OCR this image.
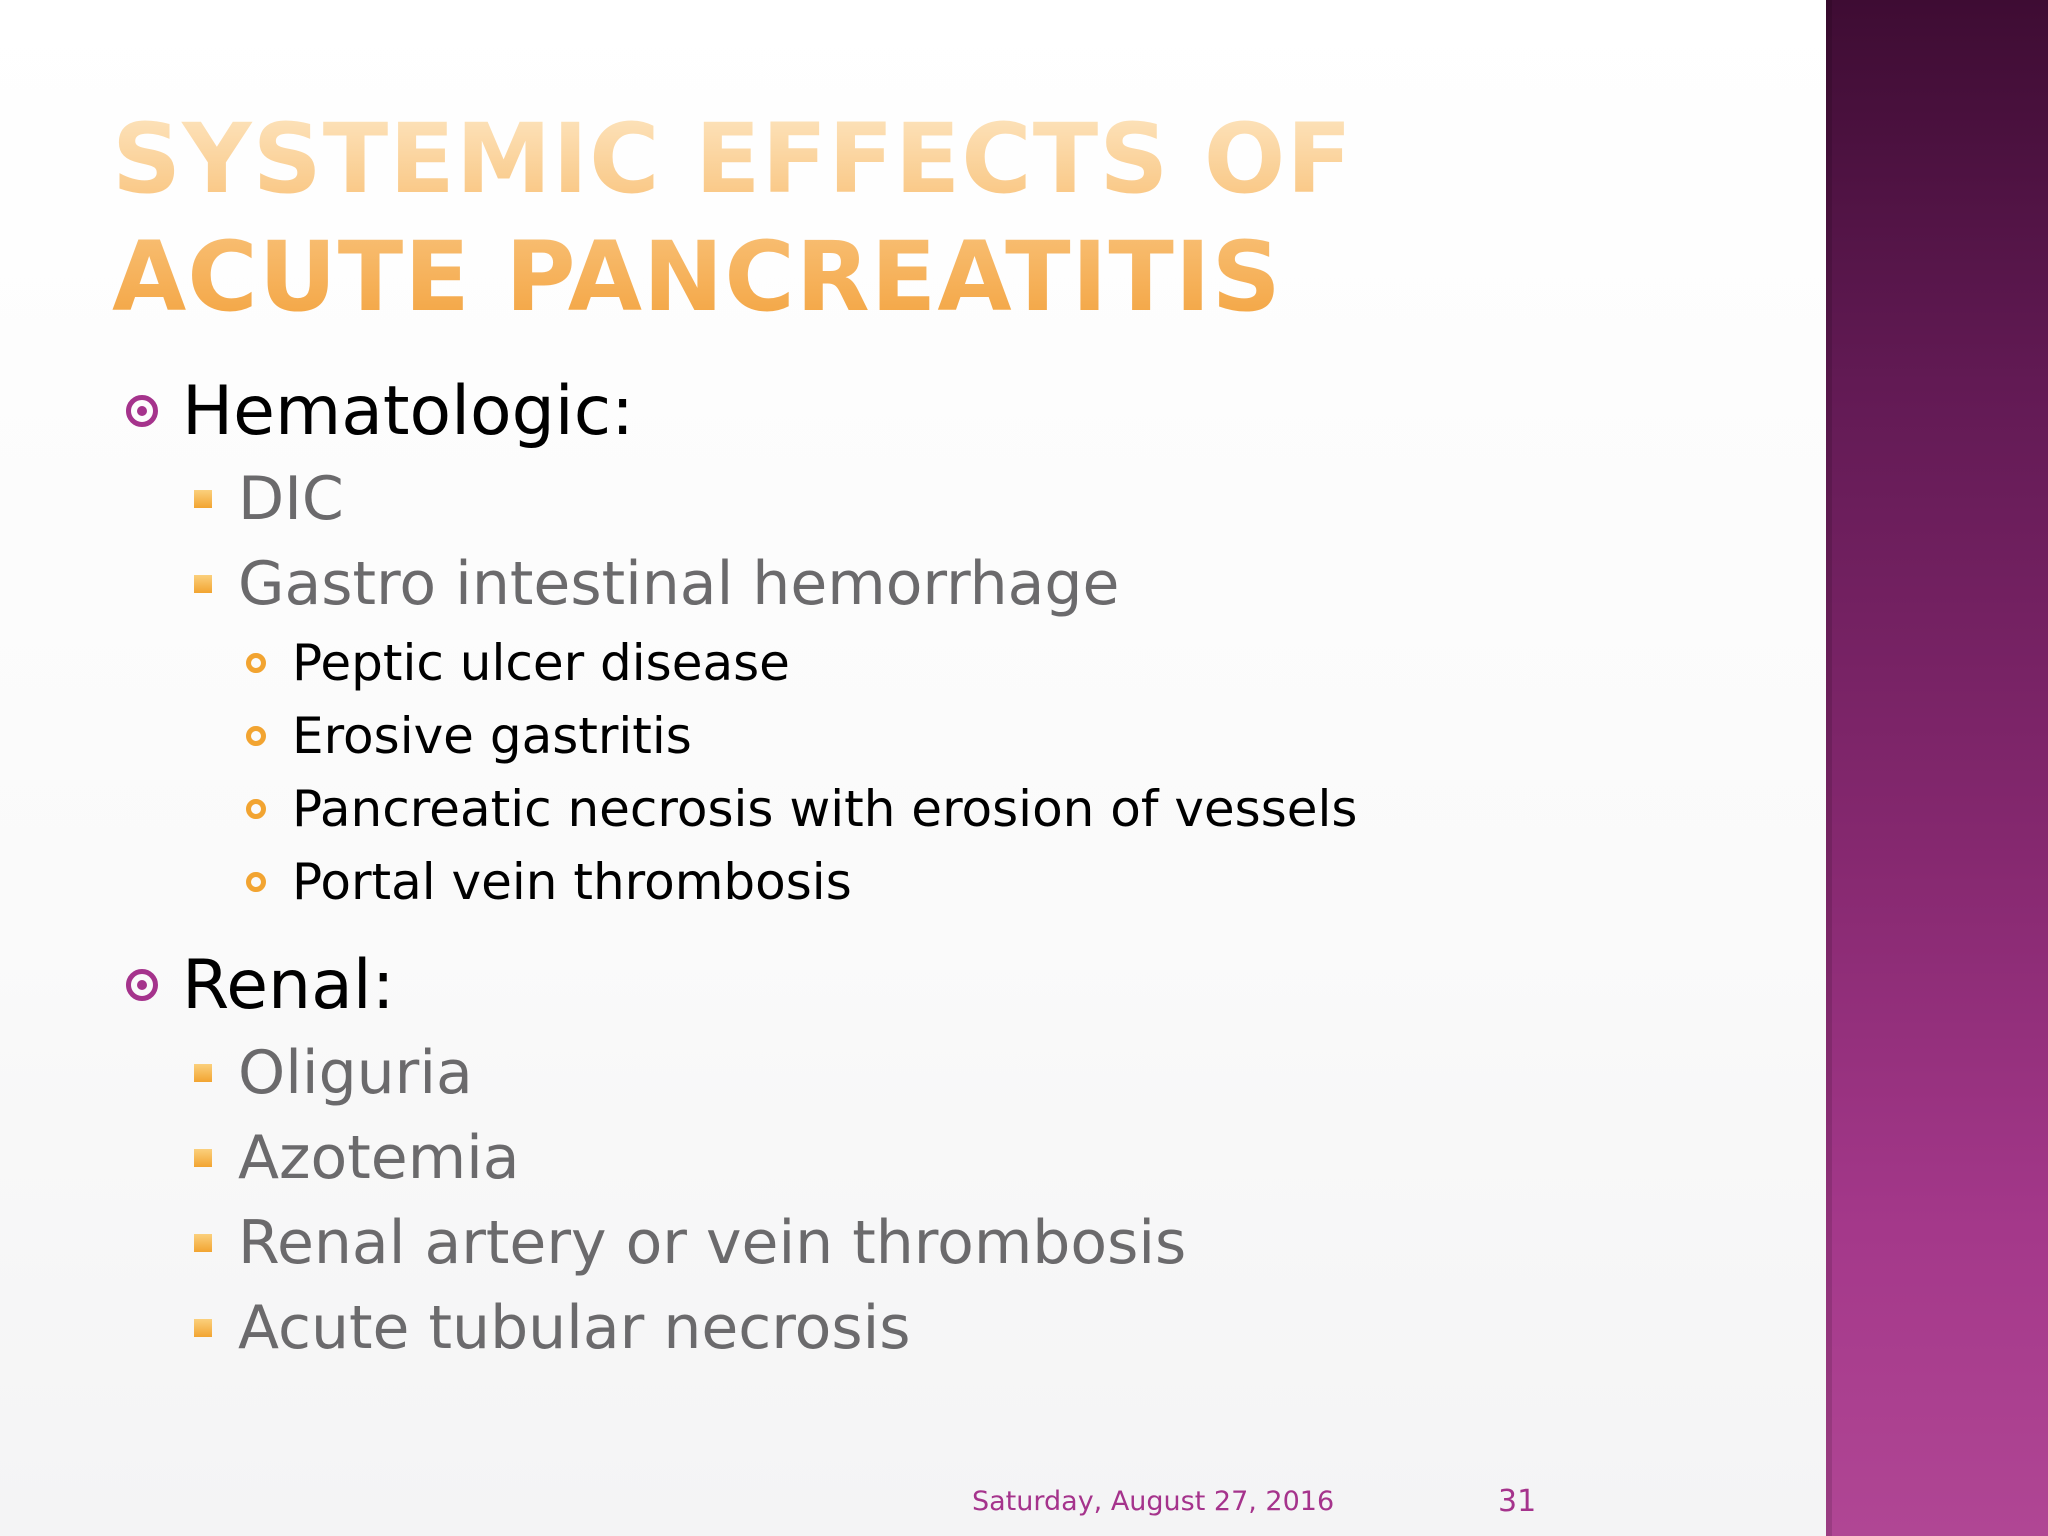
SYSTEMIC EFFECTS OF ACUTE PANCREATITIS
Hematologic:
DIC
Gastro intestinal hemorrhage
Peptic ulcer disease
Erosive gastritis
Pancreatic necrosis with erosion of vessels
Portal vein thrombosis
Renal:
Oliguria
Azotemia
Renal artery or vein thrombosis
Acute tubular necrosis
Saturday, August 27, 2016	31
